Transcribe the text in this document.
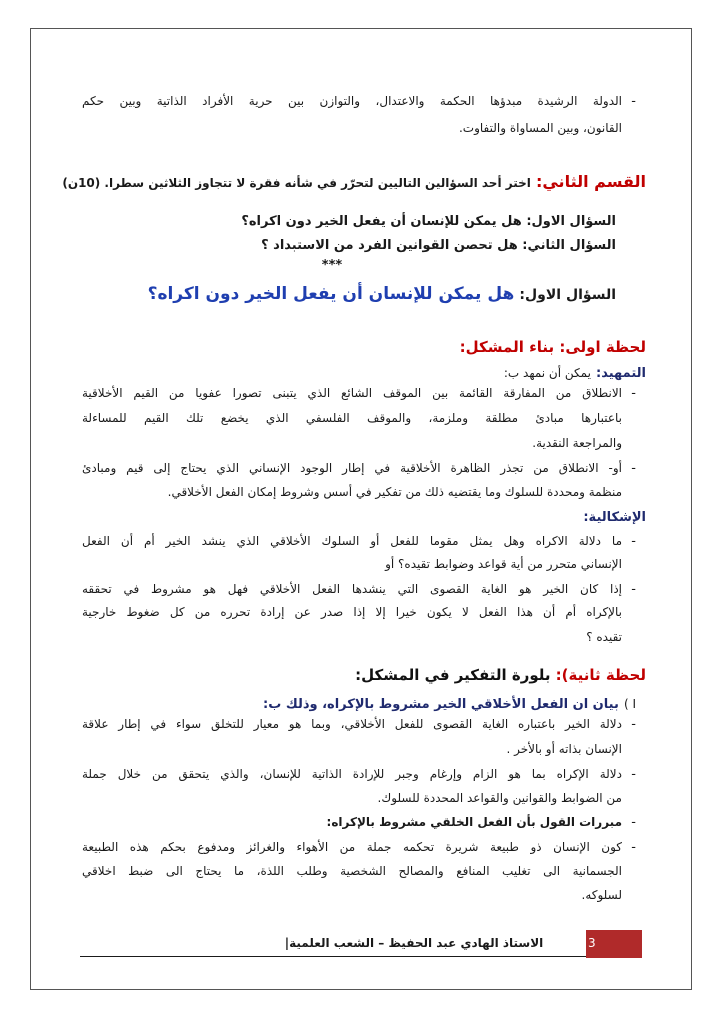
-
الدولة الرشيدة مبدؤها الحكمة والاعتدال، والتوازن بين حرية الأفراد الذاتية وبين حكم
القانون، وبين المساواة والتفاوت.
القسم الثاني: اختر أحد السؤالين التاليين لتحرّر في شأنه فقرة لا تتجاوز الثلاثين سطرا. (10ن)
السؤال الاول: هل يمكن للإنسان أن يفعل الخير دون اكراه؟
السؤال الثاني: هل تحصن القوانين الفرد من الاستبداد ؟
***
السؤال الاول: هل يمكن للإنسان أن يفعل الخير دون اكراه؟
لحظة اولى: بناء المشكل:
التمهيد: يمكن أن نمهد ب:
-
الانطلاق من المفارقة القائمة بين الموقف الشائع الذي يتبنى تصورا عفويا من القيم الأخلاقية
باعتبارها مبادئ مطلقة وملزمة، والموقف الفلسفي الذي يخضع تلك القيم للمساءلة
والمراجعة النقدية.
-
أو- الانطلاق من تجذر الظاهرة الأخلاقية في إطار الوجود الإنساني الذي يحتاج إلى قيم ومبادئ
منظمة ومحددة للسلوك وما يقتضيه ذلك من تفكير في أسس وشروط إمكان الفعل الأخلاقي.
الإشكالية:
-
ما دلالة الاكراه وهل يمثل مقوما للفعل أو السلوك الأخلاقي الذي ينشد الخير أم أن الفعل
الإنساني متحرر من أية قواعد وضوابط تقيده؟ أو
-
إذا كان الخير هو الغاية القصوى التي ينشدها الفعل الأخلاقي فهل هو مشروط في تحققه
بالإكراه أم أن هذا الفعل لا يكون خيرا إلا إذا صدر عن إرادة تحرره من كل ضغوط خارجية
تقيده ؟
لحظة ثانية): بلورة التفكير في المشكل:
I ) بيان ان الفعل الأخلاقي الخير مشروط بالإكراه، وذلك ب:
-
دلالة الخير باعتباره الغاية القصوى للفعل الأخلاقي، وبما هو معيار للتخلق سواء في إطار علاقة
الإنسان بذاته أو بالأخر .
-
دلالة الإكراه بما هو الزام وإرغام وجبر للإرادة الذاتية للإنسان، والذي يتحقق من خلال جملة
من الضوابط والقوانين والقواعد المحددة للسلوك.
-
مبررات القول بأن الفعل الخلقي مشروط بالإكراه:
-
كون الإنسان ذو طبيعة شريرة تحكمه جملة من الأهواء والغرائز ومدفوع بحكم هذه الطبيعة
الجسمانية الى تغليب المنافع والمصالح الشخصية وطلب اللذة، ما يحتاج الى ضبط اخلاقي
لسلوكه.
الاستاذ الهادي عبد الحفيظ – الشعب العلمية|	3
